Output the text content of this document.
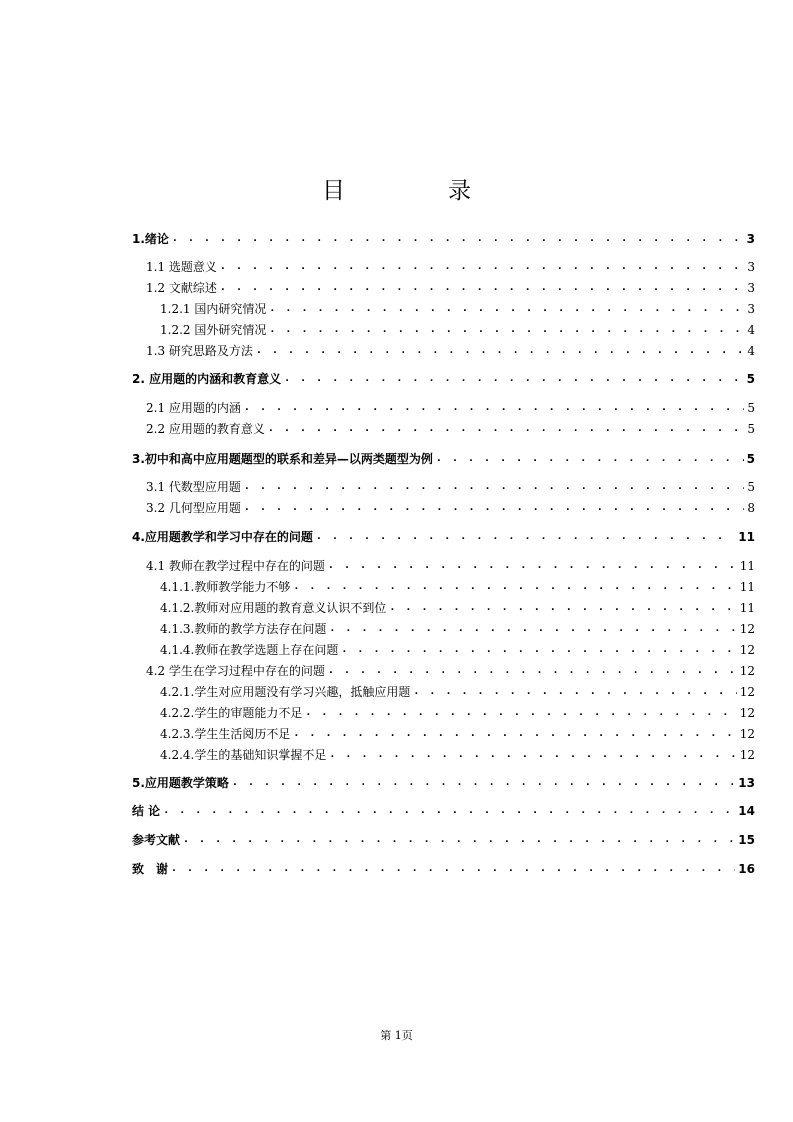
目　录
1.绪论 . . .	3
1.1 选题意义 . . .	3
1.2 文献综述 . . .	3
1.2.1 国内研究情况 . . .	3
1.2.2 国外研究情况 . . .	4
1.3 研究思路及方法 . . .	4
2. 应用题的内涵和教育意义 . . .	5
2.1 应用题的内涵 . . .	5
2.2 应用题的教育意义 . . .	5
3.初中和高中应用题题型的联系和差异—以两类题型为例 . . .	5
3.1 代数型应用题 . . .	5
3.2 几何型应用题 . . .	8
4.应用题教学和学习中存在的问题 . . .	11
4.1 教师在教学过程中存在的问题 . . .	11
4.1.1.教师教学能力不够 . . .	11
4.1.2.教师对应用题的教育意义认识不到位 . . .	11
4.1.3.教师的教学方法存在问题 . . .	12
4.1.4.教师在教学选题上存在问题 . . .	12
4.2 学生在学习过程中存在的问题 . . .	12
4.2.1.学生对应用题没有学习兴趣，抵触应用题 . . .	12
4.2.2.学生的审题能力不足 . . .	12
4.2.3.学生生活阅历不足 . . .	12
4.2.4.学生的基础知识掌握不足 . . .	12
5.应用题教学策略 . . .	13
结 论 . . .	14
参考文献 . . .	15
致　谢 . . .	16
第 1页
